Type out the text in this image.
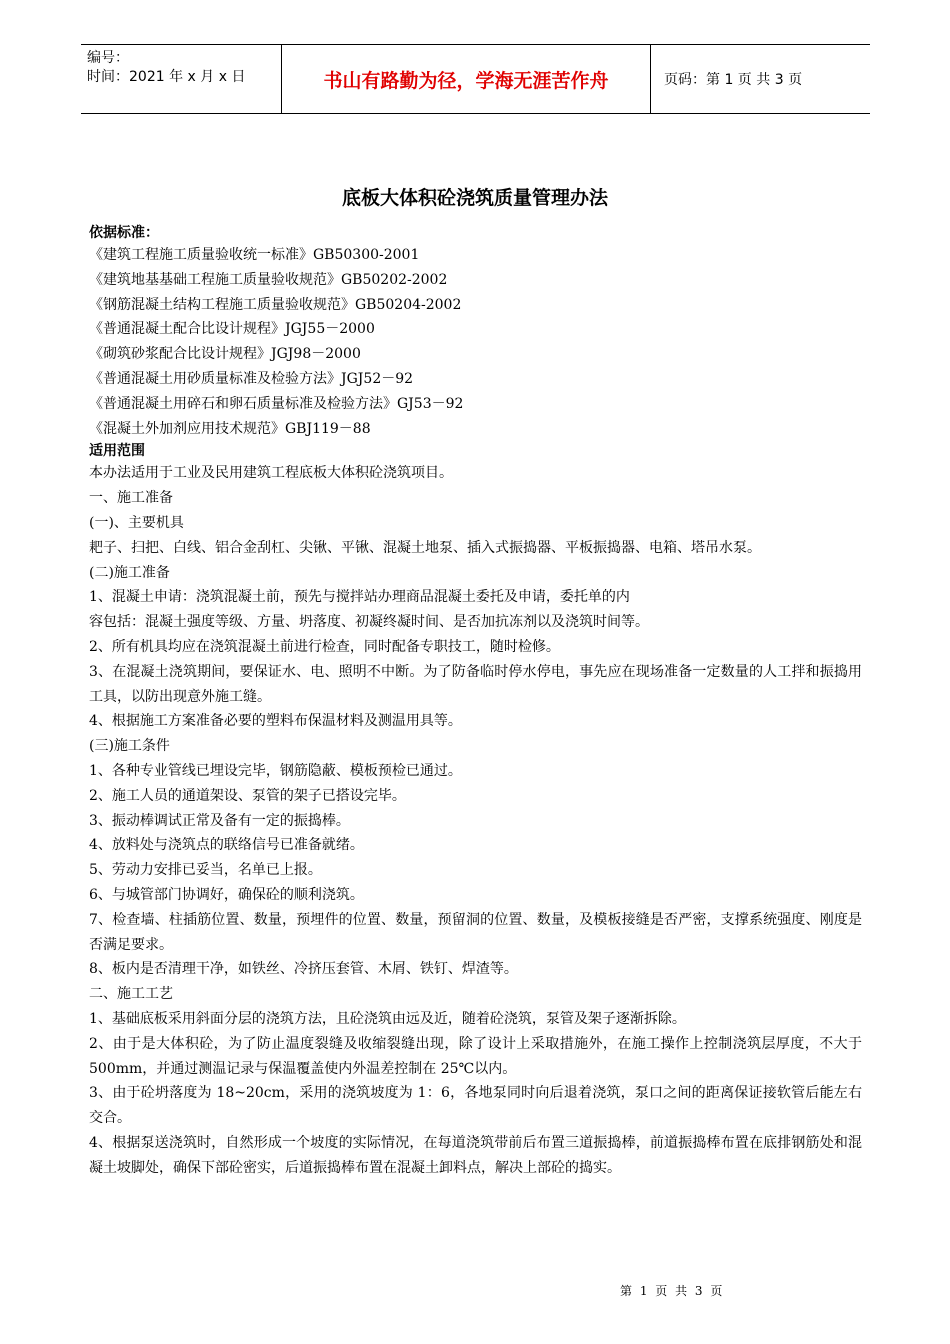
编号：
时间：2021 年 x 月 x 日	书山有路勤为径，学海无涯苦作舟	页码：第 1 页 共 3 页
底板大体积砼浇筑质量管理办法
依据标准：
《建筑工程施工质量验收统一标准》GB50300-2001
《建筑地基基础工程施工质量验收规范》GB50202-2002
《钢筋混凝土结构工程施工质量验收规范》GB50204-2002
《普通混凝土配合比设计规程》JGJ55－2000
《砌筑砂浆配合比设计规程》JGJ98－2000
《普通混凝土用砂质量标准及检验方法》JGJ52－92
《普通混凝土用碎石和卵石质量标准及检验方法》GJ53－92
《混凝土外加剂应用技术规范》GBJ119－88
适用范围
本办法适用于工业及民用建筑工程底板大体积砼浇筑项目。
一、施工准备
(一)、主要机具
耙子、扫把、白线、铝合金刮杠、尖锹、平锹、混凝土地泵、插入式振捣器、平板振捣器、电箱、塔吊水泵。
(二)施工准备
1、混凝土申请：浇筑混凝土前，预先与搅拌站办理商品混凝土委托及申请，委托单的内
容包括：混凝土强度等级、方量、坍落度、初凝终凝时间、是否加抗冻剂以及浇筑时间等。
2、所有机具均应在浇筑混凝土前进行检查，同时配备专职技工，随时检修。
3、在混凝土浇筑期间，要保证水、电、照明不中断。为了防备临时停水停电，事先应在现场准备一定数量的人工拌和振捣用工具，以防出现意外施工缝。
4、根据施工方案准备必要的塑料布保温材料及测温用具等。
(三)施工条件
1、各种专业管线已埋设完毕，钢筋隐蔽、模板预检已通过。
2、施工人员的通道架设、泵管的架子已搭设完毕。
3、振动棒调试正常及备有一定的振捣棒。
4、放料处与浇筑点的联络信号已准备就绪。
5、劳动力安排已妥当，名单已上报。
6、与城管部门协调好，确保砼的顺利浇筑。
7、检查墙、柱插筋位置、数量，预埋件的位置、数量，预留洞的位置、数量，及模板接缝是否严密，支撑系统强度、刚度是否满足要求。
8、板内是否清理干净，如铁丝、冷挤压套管、木屑、铁钉、焊渣等。
二、施工工艺
1、基础底板采用斜面分层的浇筑方法，且砼浇筑由远及近，随着砼浇筑，泵管及架子逐渐拆除。
2、由于是大体积砼，为了防止温度裂缝及收缩裂缝出现，除了设计上采取措施外，在施工操作上控制浇筑层厚度，不大于 500mm，并通过测温记录与保温覆盖使内外温差控制在 25℃以内。
3、由于砼坍落度为 18~20cm，采用的浇筑坡度为 1：6，各地泵同时向后退着浇筑，泵口之间的距离保证接软管后能左右交合。
4、根据泵送浇筑时，自然形成一个坡度的实际情况，在每道浇筑带前后布置三道振捣棒，前道振捣棒布置在底排钢筋处和混凝土坡脚处，确保下部砼密实，后道振捣棒布置在混凝土卸料点，解决上部砼的捣实。
第 1 页 共 3 页
